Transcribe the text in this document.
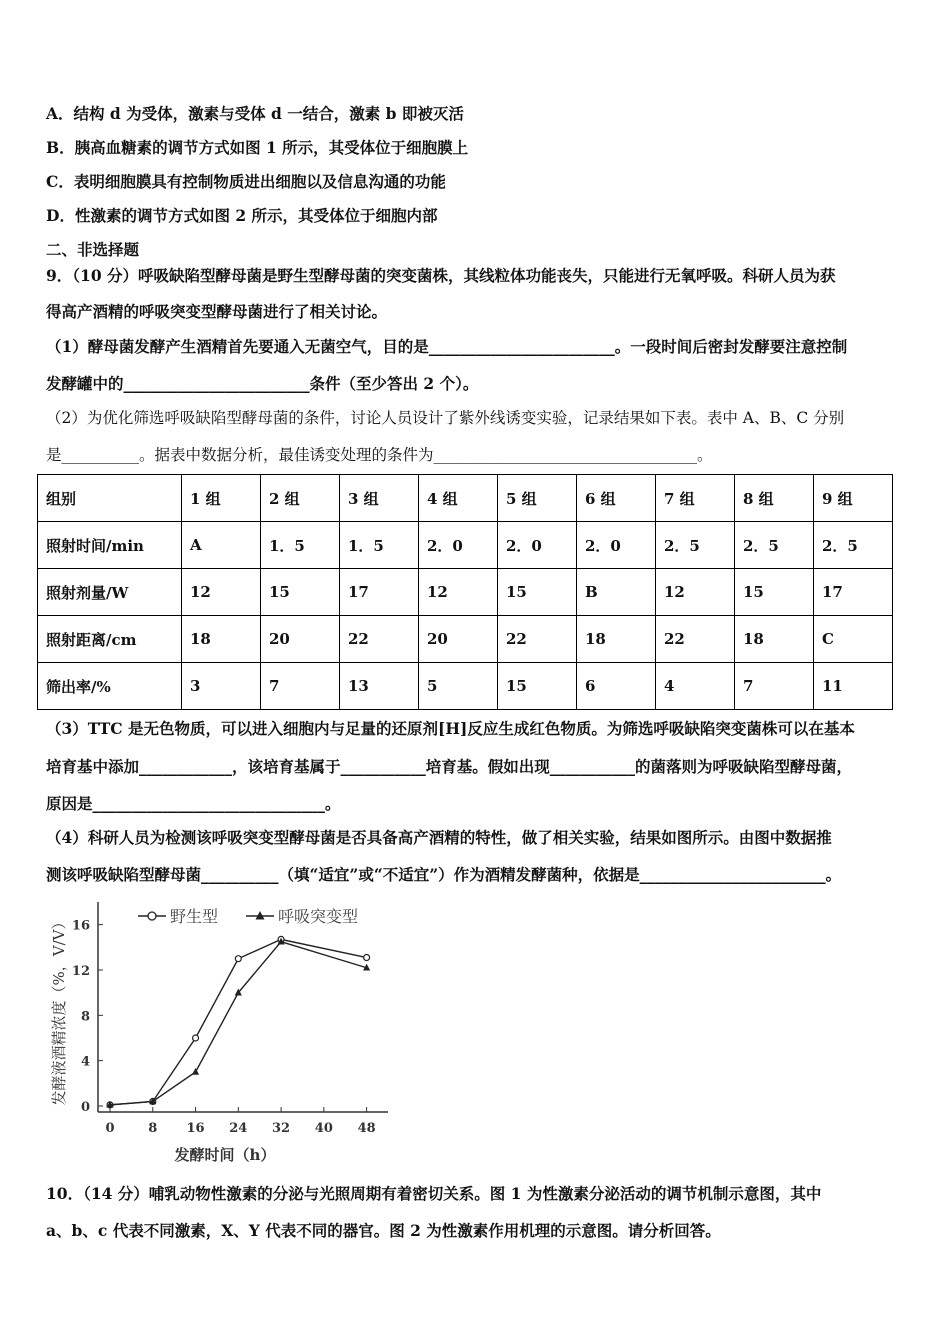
A．结构 d 为受体，激素与受体 d 一结合，激素 b 即被灭活
B．胰高血糖素的调节方式如图 1 所示，其受体位于细胞膜上
C．表明细胞膜具有控制物质进出细胞以及信息沟通的功能
D．性激素的调节方式如图 2 所示，其受体位于细胞内部
二、非选择题
9．（10 分）呼吸缺陷型酵母菌是野生型酵母菌的突变菌株，其线粒体功能丧失，只能进行无氧呼吸。科研人员为获
得高产酒精的呼吸突变型酵母菌进行了相关讨论。
（1）酵母菌发酵产生酒精首先要通入无菌空气，目的是________________________。一段时间后密封发酵要注意控制
发酵罐中的________________________条件（至少答出 2 个）。
（2）为优化筛选呼吸缺陷型酵母菌的条件，讨论人员设计了紫外线诱变实验，记录结果如下表。表中 A、B、C 分别
是__________。据表中数据分析，最佳诱变处理的条件为__________________________________。
组别	1 组	2 组	3 组	4 组	5 组	6 组	7 组	8 组	9 组
照射时间/min	A	1．5	1．5	2．0	2．0	2．0	2．5	2．5	2．5
照射剂量/W	12	15	17	12	15	B	12	15	17
照射距离/cm	18	20	22	20	22	18	22	18	C
筛出率/%	3	7	13	5	15	6	4	7	11
（3）TTC 是无色物质，可以进入细胞内与足量的还原剂[H]反应生成红色物质。为筛选呼吸缺陷突变菌株可以在基本
培育基中添加____________，该培育基属于___________培育基。假如出现___________的菌落则为呼吸缺陷型酵母菌，
原因是______________________________。
（4）科研人员为检测该呼吸突变型酵母菌是否具备高产酒精的特性，做了相关实验，结果如图所示。由图中数据推
测该呼吸缺陷型酵母菌__________（填“适宜”或“不适宜”）作为酒精发酵菌种，依据是________________________。
0
4
8
12
16
0	8 16 24 32 40 48
野生型	呼吸突变型
发酵液酒精浓度（%，V/V）
发酵时间（h）
10．（14 分）哺乳动物性激素的分泌与光照周期有着密切关系。图 1 为性激素分泌活动的调节机制示意图，其中
a、b、c 代表不同激素，X、Y 代表不同的器官。图 2 为性激素作用机理的示意图。请分析回答。
